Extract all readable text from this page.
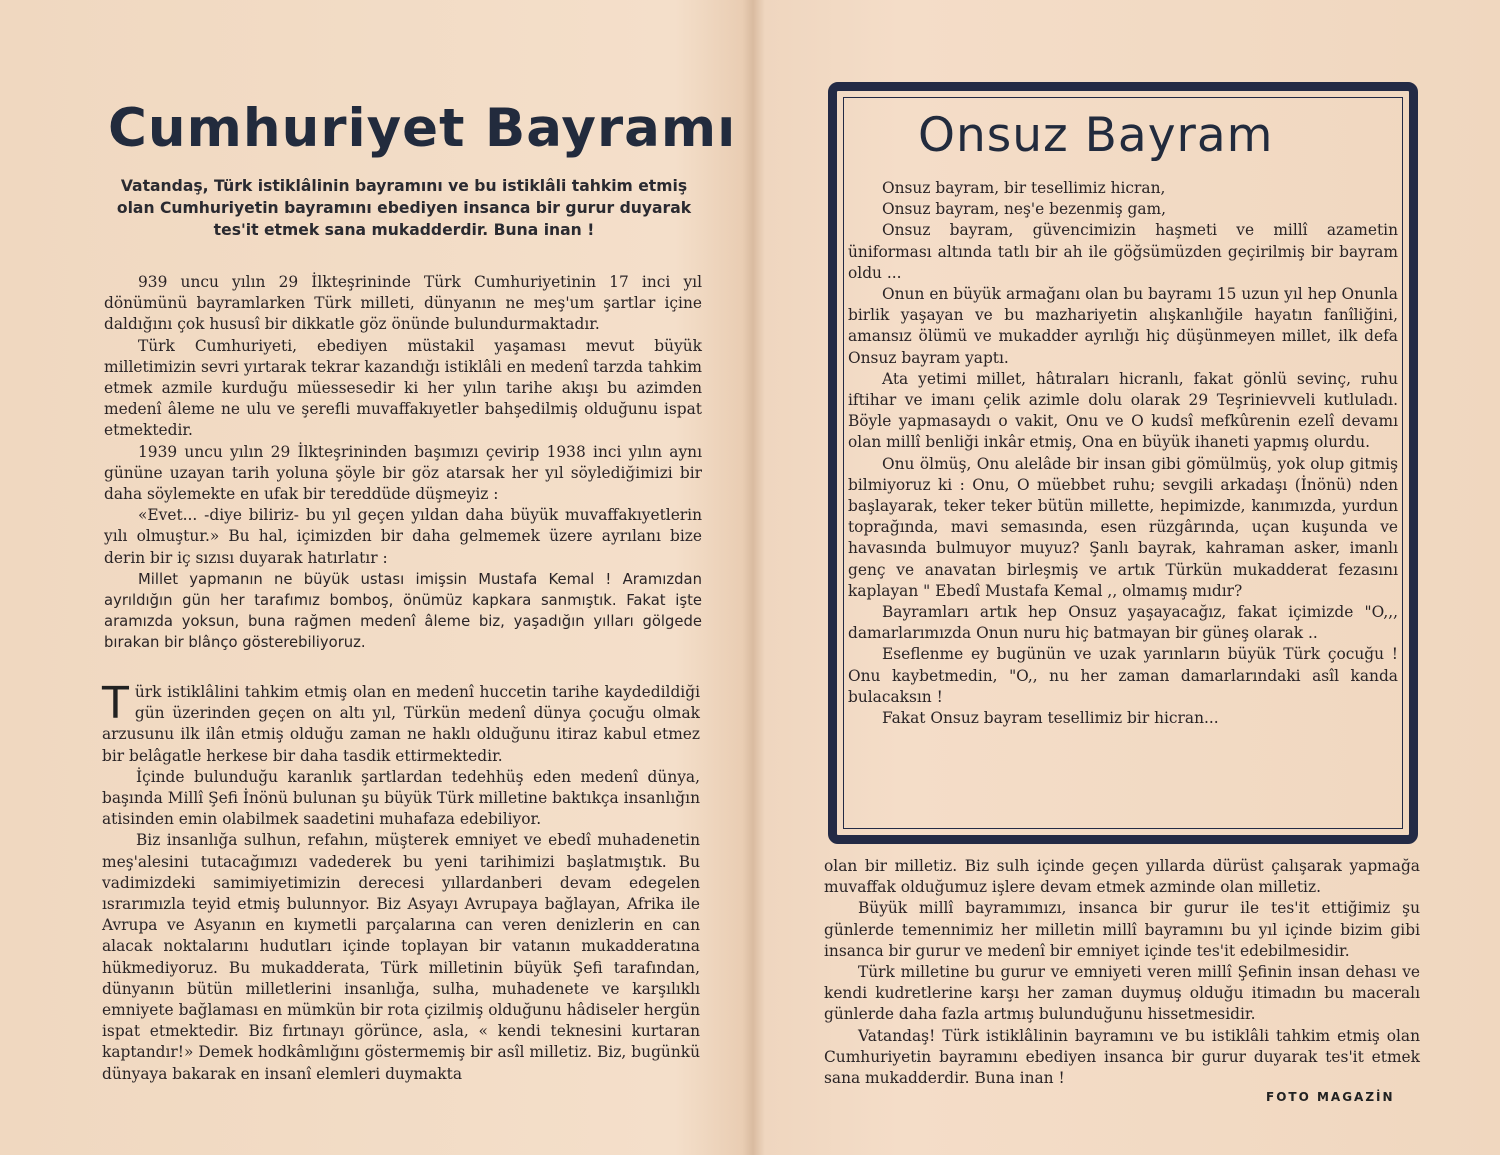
Cumhuriyet Bayramı
Vatandaş, Türk istiklâlinin bayramını ve bu istiklâli tahkim etmiş olan Cumhuriyetin bayramını ebediyen insanca bir gurur duyarak tes'it etmek sana mukadderdir. Buna inan !

939 uncu yılın 29 İlkteşrininde Türk Cumhuriyetinin 17 inci yıl dönümünü bayramlarken Türk milleti, dünyanın ne meş'um şartlar içine daldığını çok hususî bir dikkatle göz önünde bulundurmaktadır.

Türk Cumhuriyeti, ebediyen müstakil yaşaması mevut büyük milletimizin sevri yırtarak tekrar kazandığı istiklâli en medenî tarzda tahkim etmek azmile kurduğu müessesedir ki her yılın tarihe akışı bu azimden medenî âleme ne ulu ve şerefli muvaffakıyetler bahşedilmiş olduğunu ispat etmektedir.

1939 uncu yılın 29 İlkteşrininden başımızı çevirip 1938 inci yılın aynı gününe uzayan tarih yoluna şöyle bir göz atarsak her yıl söylediğimizi bir daha söylemekte en ufak bir tereddüde düşmeyiz :

«Evet... -diye biliriz- bu yıl geçen yıldan daha büyük muvaffakıyetlerin yılı olmuştur.» Bu hal, içimizden bir daha gelmemek üzere ayrılanı bize derin bir iç sızısı duyarak hatırlatır :

Millet yapmanın ne büyük ustası imişsin Mustafa Kemal ! Aramızdan ayrıldığın gün her tarafımız bomboş, önümüz kapkara sanmıştık. Fakat işte aramızda yoksun, buna rağmen medenî âleme biz, yaşadığın yılları gölgede bırakan bir blânço gösterebiliyoruz.

Türk istiklâlini tahkim etmiş olan en medenî huccetin tarihe kaydedildiği gün üzerinden geçen on altı yıl, Türkün medenî dünya çocuğu olmak arzusunu ilk ilân etmiş olduğu zaman ne haklı olduğunu itiraz kabul etmez bir belâgatle herkese bir daha tasdik ettirmektedir.

İçinde bulunduğu karanlık şartlardan tedehhüş eden medenî dünya, başında Millî Şefi İnönü bulunan şu büyük Türk milletine baktıkça insanlığın atisinden emin olabilmek saadetini muhafaza edebiliyor.

Biz insanlığa sulhun, refahın, müşterek emniyet ve ebedî muhadenetin meş'alesini tutacağımızı vadederek bu yeni tarihimizi başlatmıştık. Bu vadimizdeki samimiyetimizin derecesi yıllardanberi devam edegelen ısrarımızla teyid etmiş bulunnyor. Biz Asyayı Avrupaya bağlayan, Afrika ile Avrupa ve Asyanın en kıymetli parçalarına can veren denizlerin en can alacak noktalarını hudutları içinde toplayan bir vatanın mukadderatına hükmediyoruz. Bu mukadderata, Türk milletinin büyük Şefi tarafından, dünyanın bütün milletlerini insanlığa, sulha, muhadenete ve karşılıklı emniyete bağlaması en mümkün bir rota çizilmiş olduğunu hâdiseler hergün ispat etmektedir. Biz fırtınayı görünce, asla, « kendi teknesini kurtaran kaptandır!» Demek hodkâmlığını göstermemiş bir asîl milletiz. Biz, bugünkü dünyaya bakarak en insanî elemleri duymakta

Onsuz Bayram

Onsuz bayram, bir tesellimiz hicran,

Onsuz bayram, neş'e bezenmiş gam,

Onsuz bayram, güvencimizin haşmeti ve millî azametin üniforması altında tatlı bir ah ile göğsümüzden geçirilmiş bir bayram oldu ...

Onun en büyük armağanı olan bu bayramı 15 uzun yıl hep Onunla birlik yaşayan ve bu mazhariyetin alışkanlığile hayatın fanîliğini, amansız ölümü ve mukadder ayrılığı hiç düşünmeyen millet, ilk defa Onsuz bayram yaptı.

Ata yetimi millet, hâtıraları hicranlı, fakat gönlü sevinç, ruhu iftihar ve imanı çelik azimle dolu olarak 29 Teşrinievveli kutluladı. Böyle yapmasaydı o vakit, Onu ve O kudsî mefkûrenin ezelî devamı olan millî benliği inkâr etmiş, Ona en büyük ihaneti yapmış olurdu.

Onu ölmüş, Onu alelâde bir insan gibi gömülmüş, yok olup gitmiş bilmiyoruz ki : Onu, O müebbet ruhu; sevgili arkadaşı (İnönü) nden başlayarak, teker teker bütün millette, hepimizde, kanımızda, yurdun toprağında, mavi semasında, esen rüzgârında, uçan kuşunda ve havasında bulmuyor muyuz? Şanlı bayrak, kahraman asker, imanlı genç ve anavatan birleşmiş ve artık Türkün mukadderat fezasını kaplayan " Ebedî Mustafa Kemal ,, olmamış mıdır?

Bayramları artık hep Onsuz yaşayacağız, fakat içimizde "O,,, damarlarımızda Onun nuru hiç batmayan bir güneş olarak ..

Eseflenme ey bugünün ve uzak yarınların büyük Türk çocuğu ! Onu kaybetmedin, "O,, nu her zaman damarlarındaki asîl kanda bulacaksın !

Fakat Onsuz bayram tesellimiz bir hicran...

olan bir milletiz. Biz sulh içinde geçen yıllarda dürüst çalışarak yapmağa muvaffak olduğumuz işlere devam etmek azminde olan milletiz.

Büyük millî bayramımızı, insanca bir gurur ile tes'it ettiğimiz şu günlerde temennimiz her milletin millî bayramını bu yıl içinde bizim gibi insanca bir gurur ve medenî bir emniyet içinde tes'it edebilmesidir.

Türk milletine bu gurur ve emniyeti veren millî Şefinin insan dehası ve kendi kudretlerine karşı her zaman duymuş olduğu itimadın bu maceralı günlerde daha fazla artmış bulunduğunu hissetmesidir.

Vatandaş! Türk istiklâlinin bayramını ve bu istiklâli tahkim etmiş olan Cumhuriyetin bayramını ebediyen insanca bir gurur duyarak tes'it etmek sana mukadderdir. Buna inan !

FOTO MAGAZİN
